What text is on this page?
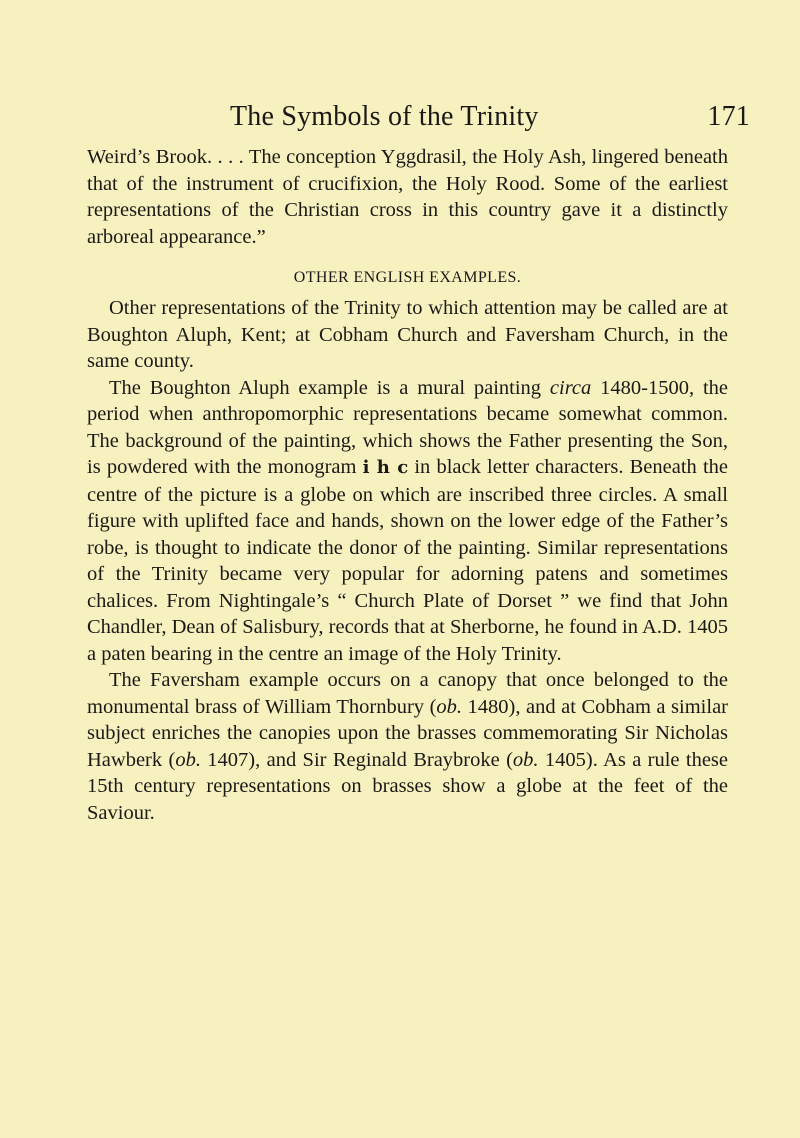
The Symbols of the Trinity	171

Weird’s Brook. . . . The conception Yggdrasil, the Holy Ash, lingered beneath that of the instrument of crucifixion, the Holy Rood. Some of the earliest representations of the Christian cross in this country gave it a distinctly arboreal appearance.”

OTHER ENGLISH EXAMPLES.

Other representations of the Trinity to which attention may be called are at Boughton Aluph, Kent; at Cobham Church and Faversham Church, in the same county.

The Boughton Aluph example is a mural painting circa 1480-1500, the period when anthropomorphic representations became somewhat common. The background of the painting, which shows the Father presenting the Son, is powdered with the monogram i h c in black letter characters. Beneath the centre of the picture is a globe on which are inscribed three circles. A small figure with uplifted face and hands, shown on the lower edge of the Father’s robe, is thought to indicate the donor of the painting. Similar representations of the Trinity became very popular for adorning patens and sometimes chalices. From Nightingale’s “ Church Plate of Dorset ” we find that John Chandler, Dean of Salisbury, records that at Sherborne, he found in A.D. 1405 a paten bearing in the centre an image of the Holy Trinity.

The Faversham example occurs on a canopy that once belonged to the monumental brass of William Thornbury (ob. 1480), and at Cobham a similar subject enriches the canopies upon the brasses commemorating Sir Nicholas Hawberk (ob. 1407), and Sir Reginald Braybroke (ob. 1405). As a rule these 15th century representations on brasses show a globe at the feet of the Saviour.
